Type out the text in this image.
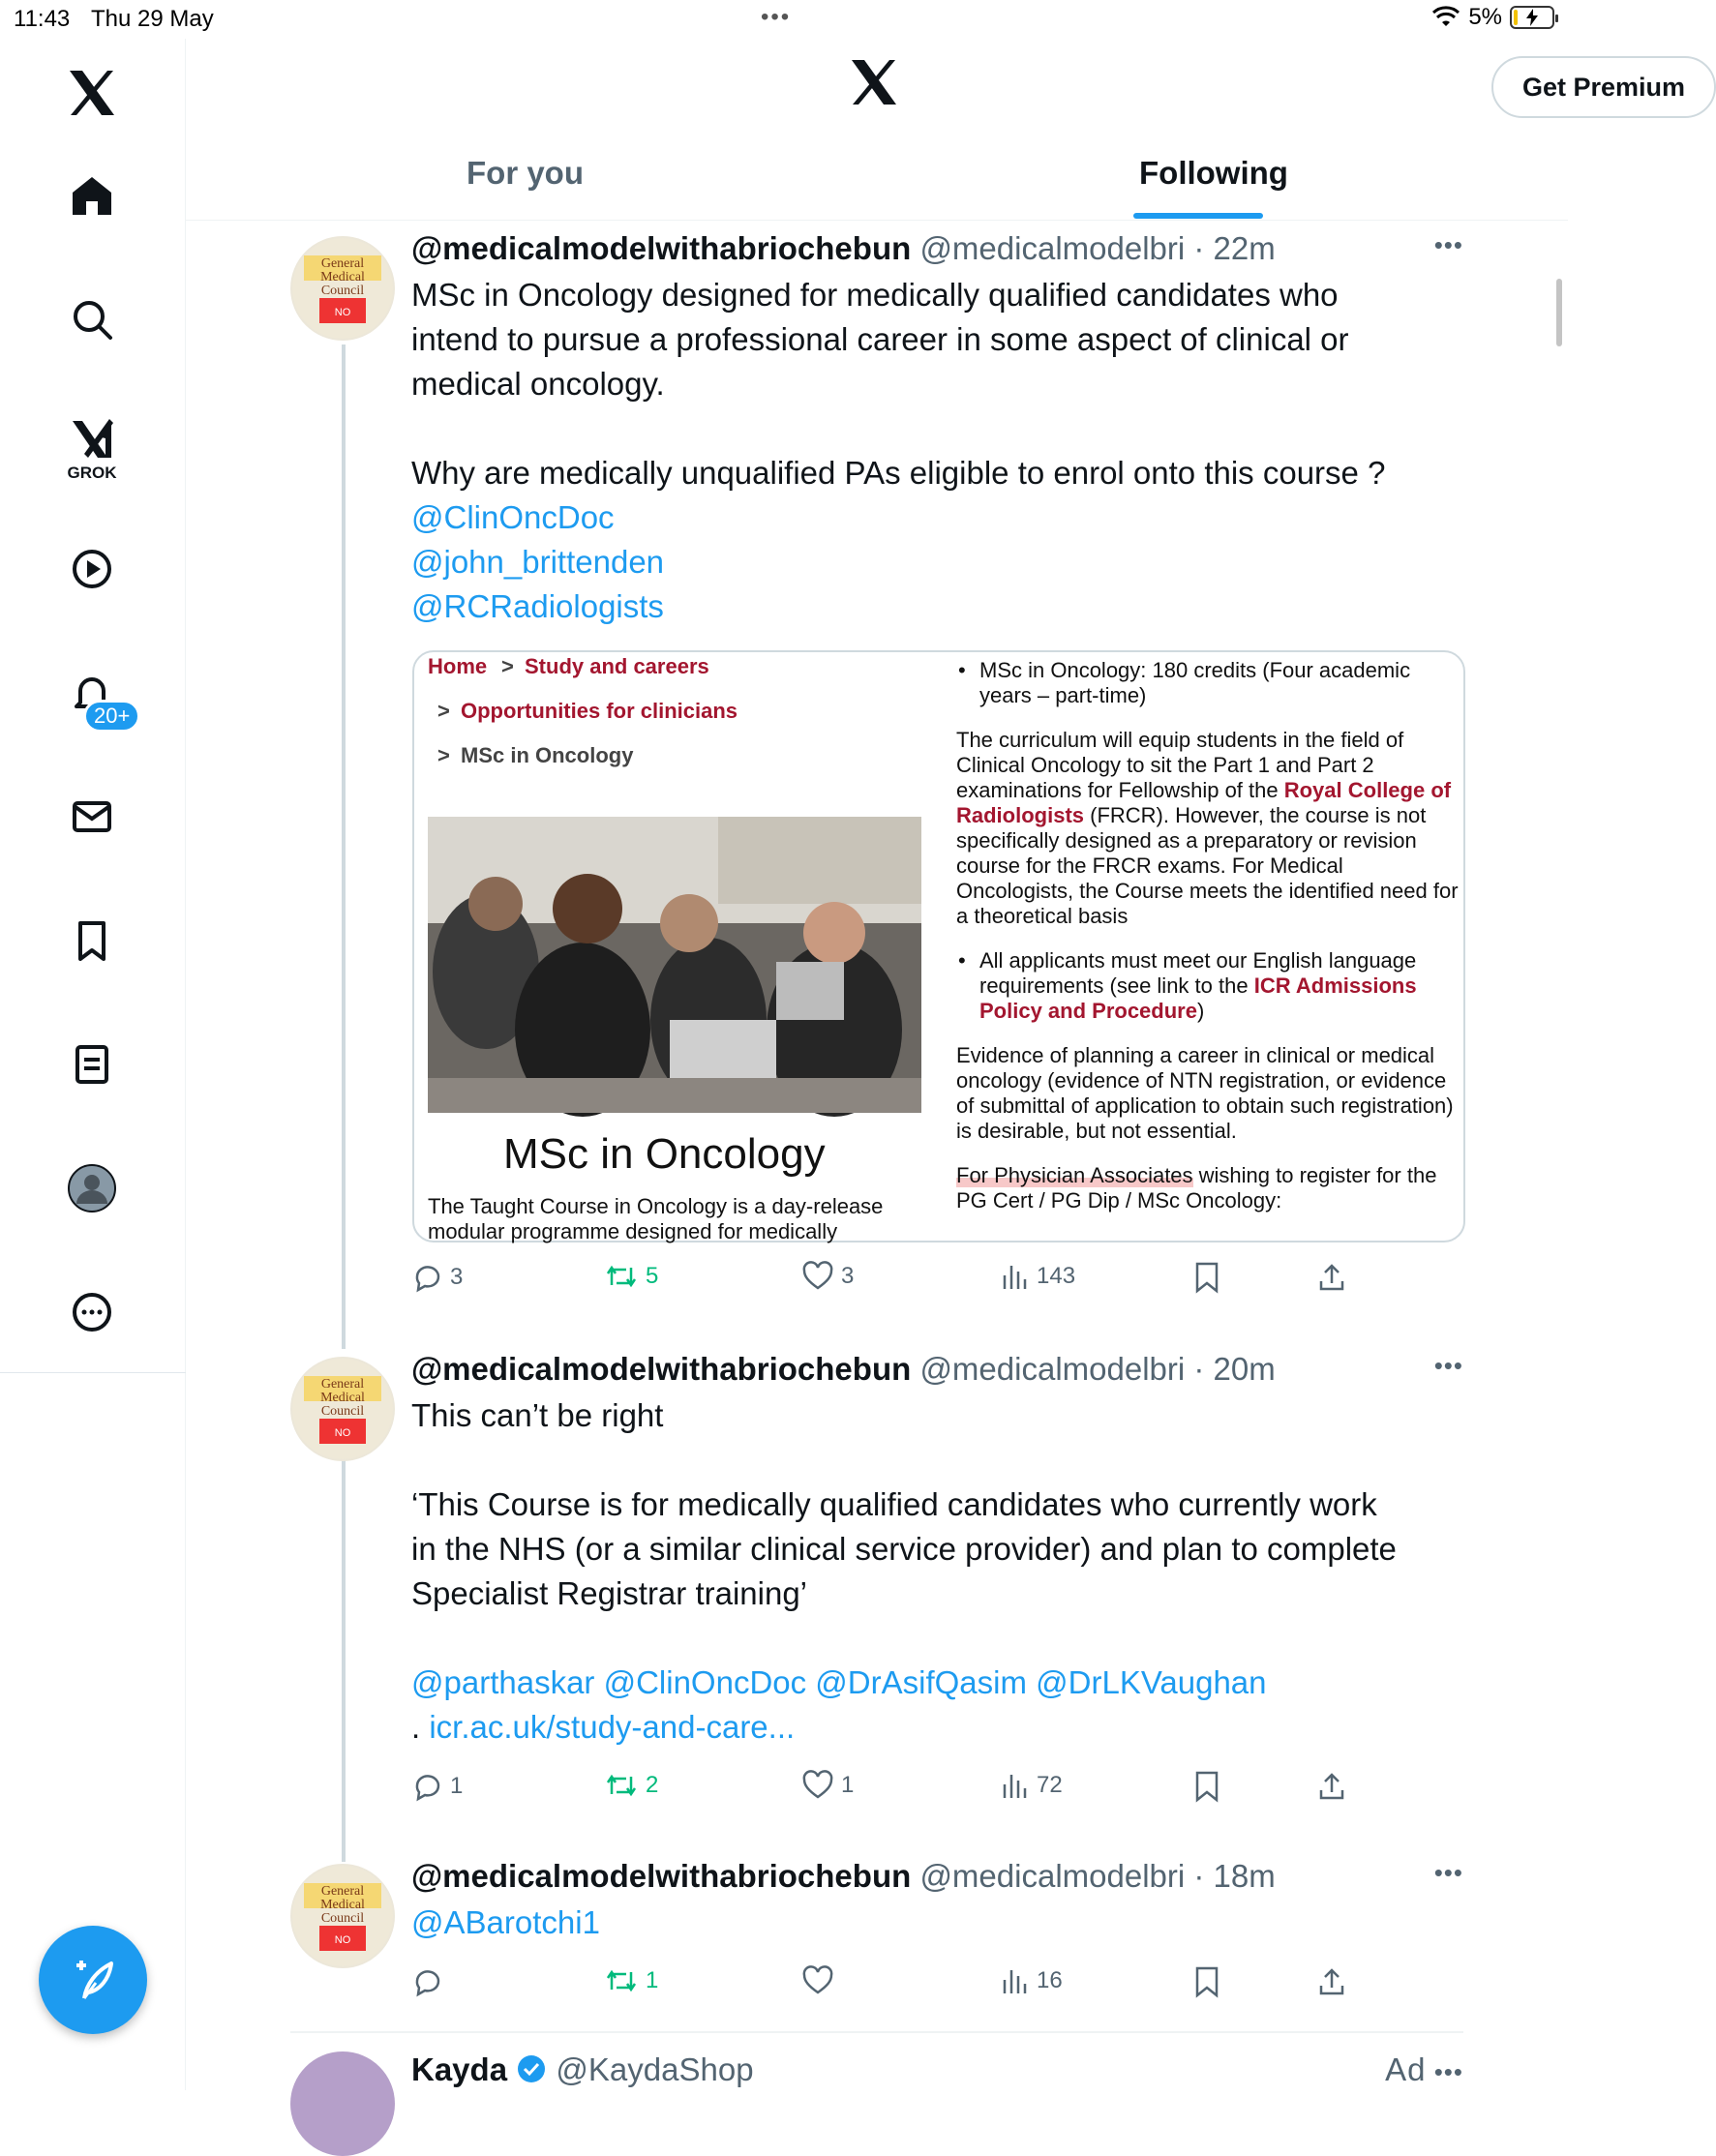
11:43 Thu 29 May	•••	5%
GROK
20+
Get Premium
For you	Following
General
Medical
Council
NO
General
Medical
Council
NO
General
Medical
Council
NO
@medicalmodelwithabriochebun @medicalmodelbri · 22m	•••
MSc in Oncology designed for medically qualified candidates who
intend to pursue a professional career in some aspect of clinical or
medical oncology.

Why are medically unqualified PAs eligible to enrol onto this course ?
@ClinOncDoc
@john_brittenden
@RCRadiologists
Home > Study and careers
> Opportunities for clinicians
> MSc in Oncology
MSc in Oncology
The Taught Course in Oncology is a day-release modular programme designed for medically

• MSc in Oncology: 180 credits (Four academic years – part-time)

The curriculum will equip students in the field of Clinical Oncology to sit the Part 1 and Part 2 examinations for Fellowship of the Royal College of Radiologists (FRCR). However, the course is not specifically designed as a preparatory or revision course for the FRCR exams. For Medical Oncologists, the Course meets the identified need for a theoretical basis

• All applicants must meet our English language requirements (see link to the ICR Admissions Policy and Procedure)

Evidence of planning a career in clinical or medical oncology (evidence of NTN registration, or evidence of submittal of application to obtain such registration) is desirable, but not essential.

For Physician Associates wishing to register for the PG Cert / PG Dip / MSc Oncology:

3	5	3	143
@medicalmodelwithabriochebun @medicalmodelbri · 20m	•••
This can’t be right

‘This Course is for medically qualified candidates who currently work
in the NHS (or a similar clinical service provider) and plan to complete
Specialist Registrar training’
@parthaskar @ClinOncDoc @DrAsifQasim @DrLKVaughan
. icr.ac.uk/study-and-care...
1	2	1	72
@medicalmodelwithabriochebun @medicalmodelbri · 18m	•••
@ABarotchi1
1	16
Kayda @KaydaShop	Ad •••
